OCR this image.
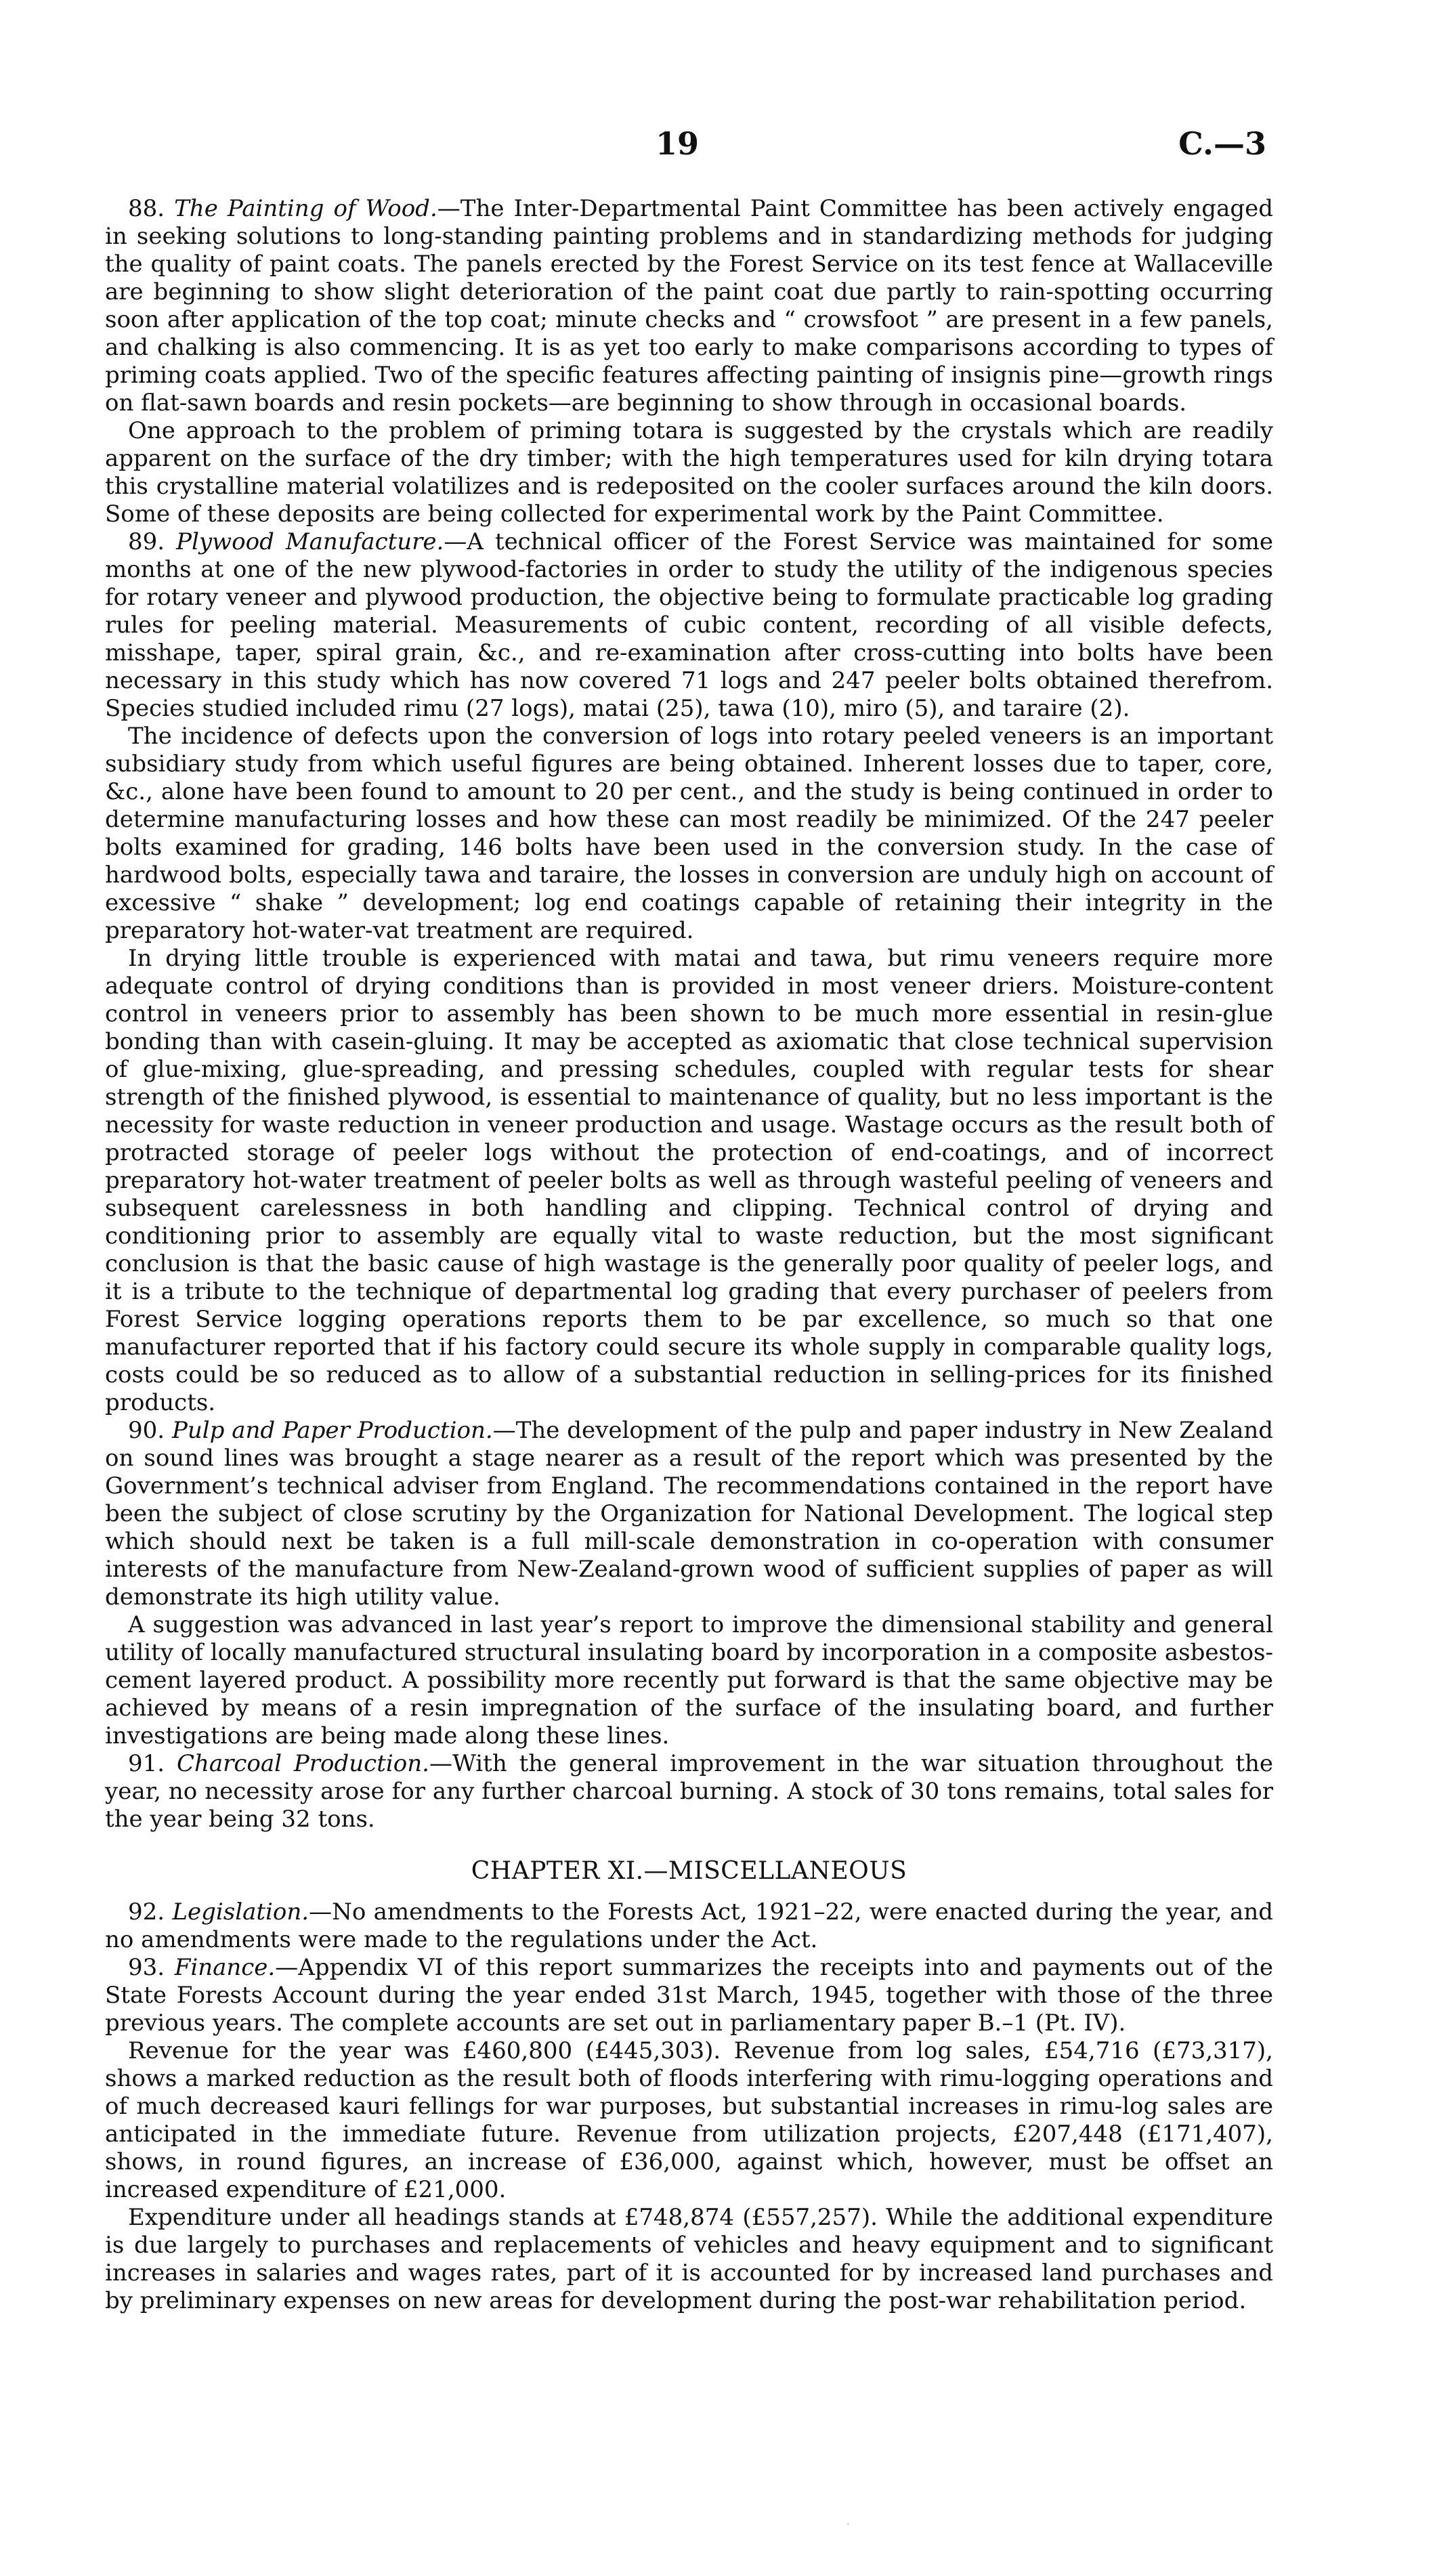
19	C.—3

88. The Painting of Wood.—The Inter-Departmental Paint Committee has been actively engaged in seeking solutions to long-standing painting problems and in standardizing methods for judging the quality of paint coats. The panels erected by the Forest Service on its test fence at Wallaceville are beginning to show slight deterioration of the paint coat due partly to rain-spotting occurring soon after application of the top coat; minute checks and “ crowsfoot ” are present in a few panels, and chalking is also commencing. It is as yet too early to make comparisons according to types of priming coats applied. Two of the specific features affecting painting of insignis pine—growth rings on flat-sawn boards and resin pockets—are beginning to show through in occasional boards.

One approach to the problem of priming totara is suggested by the crystals which are readily apparent on the surface of the dry timber; with the high temperatures used for kiln drying totara this crystalline material volatilizes and is redeposited on the cooler surfaces around the kiln doors. Some of these deposits are being collected for experimental work by the Paint Committee.

89. Plywood Manufacture.—A technical officer of the Forest Service was maintained for some months at one of the new plywood-factories in order to study the utility of the indigenous species for rotary veneer and plywood production, the objective being to formulate practicable log grading rules for peeling material. Measurements of cubic content, recording of all visible defects, misshape, taper, spiral grain, &c., and re-examination after cross-cutting into bolts have been necessary in this study which has now covered 71 logs and 247 peeler bolts obtained therefrom. Species studied included rimu (27 logs), matai (25), tawa (10), miro (5), and taraire (2).

The incidence of defects upon the conversion of logs into rotary peeled veneers is an important subsidiary study from which useful figures are being obtained. Inherent losses due to taper, core, &c., alone have been found to amount to 20 per cent., and the study is being continued in order to determine manufacturing losses and how these can most readily be minimized. Of the 247 peeler bolts examined for grading, 146 bolts have been used in the conversion study. In the case of hardwood bolts, especially tawa and taraire, the losses in conversion are unduly high on account of excessive “ shake ” development; log end coatings capable of retaining their integrity in the preparatory hot-water-vat treatment are required.

In drying little trouble is experienced with matai and tawa, but rimu veneers require more adequate control of drying conditions than is provided in most veneer driers. Moisture-content control in veneers prior to assembly has been shown to be much more essential in resin-glue bonding than with casein-gluing. It may be accepted as axiomatic that close technical supervision of glue-mixing, glue-spreading, and pressing schedules, coupled with regular tests for shear strength of the finished plywood, is essential to maintenance of quality, but no less important is the necessity for waste reduction in veneer production and usage. Wastage occurs as the result both of protracted storage of peeler logs without the protection of end-coatings, and of incorrect preparatory hot-water treatment of peeler bolts as well as through wasteful peeling of veneers and subsequent carelessness in both handling and clipping. Technical control of drying and conditioning prior to assembly are equally vital to waste reduction, but the most significant conclusion is that the basic cause of high wastage is the generally poor quality of peeler logs, and it is a tribute to the technique of departmental log grading that every purchaser of peelers from Forest Service logging operations reports them to be par excellence, so much so that one manufacturer reported that if his factory could secure its whole supply in comparable quality logs, costs could be so reduced as to allow of a substantial reduction in selling-prices for its finished products.

90. Pulp and Paper Production.—The development of the pulp and paper industry in New Zealand on sound lines was brought a stage nearer as a result of the report which was presented by the Government’s technical adviser from England. The recommendations contained in the report have been the subject of close scrutiny by the Organization for National Development. The logical step which should next be taken is a full mill-scale demonstration in co-operation with consumer interests of the manufacture from New-Zealand-grown wood of sufficient supplies of paper as will demonstrate its high utility value.

A suggestion was advanced in last year’s report to improve the dimensional stability and general utility of locally manufactured structural insulating board by incorporation in a composite asbestos-cement layered product. A possibility more recently put forward is that the same objective may be achieved by means of a resin impregnation of the surface of the insulating board, and further investigations are being made along these lines.

91. Charcoal Production.—With the general improvement in the war situation throughout the year, no necessity arose for any further charcoal burning. A stock of 30 tons remains, total sales for the year being 32 tons.

CHAPTER XI.—MISCELLANEOUS

92. Legislation.—No amendments to the Forests Act, 1921–22, were enacted during the year, and no amendments were made to the regulations under the Act.

93. Finance.—Appendix VI of this report summarizes the receipts into and payments out of the State Forests Account during the year ended 31st March, 1945, together with those of the three previous years. The complete accounts are set out in parliamentary paper B.–1 (Pt. IV).

Revenue for the year was £460,800 (£445,303). Revenue from log sales, £54,716 (£73,317), shows a marked reduction as the result both of floods interfering with rimu-logging operations and of much decreased kauri fellings for war purposes, but substantial increases in rimu-log sales are anticipated in the immediate future. Revenue from utilization projects, £207,448 (£171,407), shows, in round figures, an increase of £36,000, against which, however, must be offset an increased expenditure of £21,000.

Expenditure under all headings stands at £748,874 (£557,257). While the additional expenditure is due largely to purchases and replacements of vehicles and heavy equipment and to significant increases in salaries and wages rates, part of it is accounted for by increased land purchases and by preliminary expenses on new areas for development during the post-war rehabilitation period.

·
